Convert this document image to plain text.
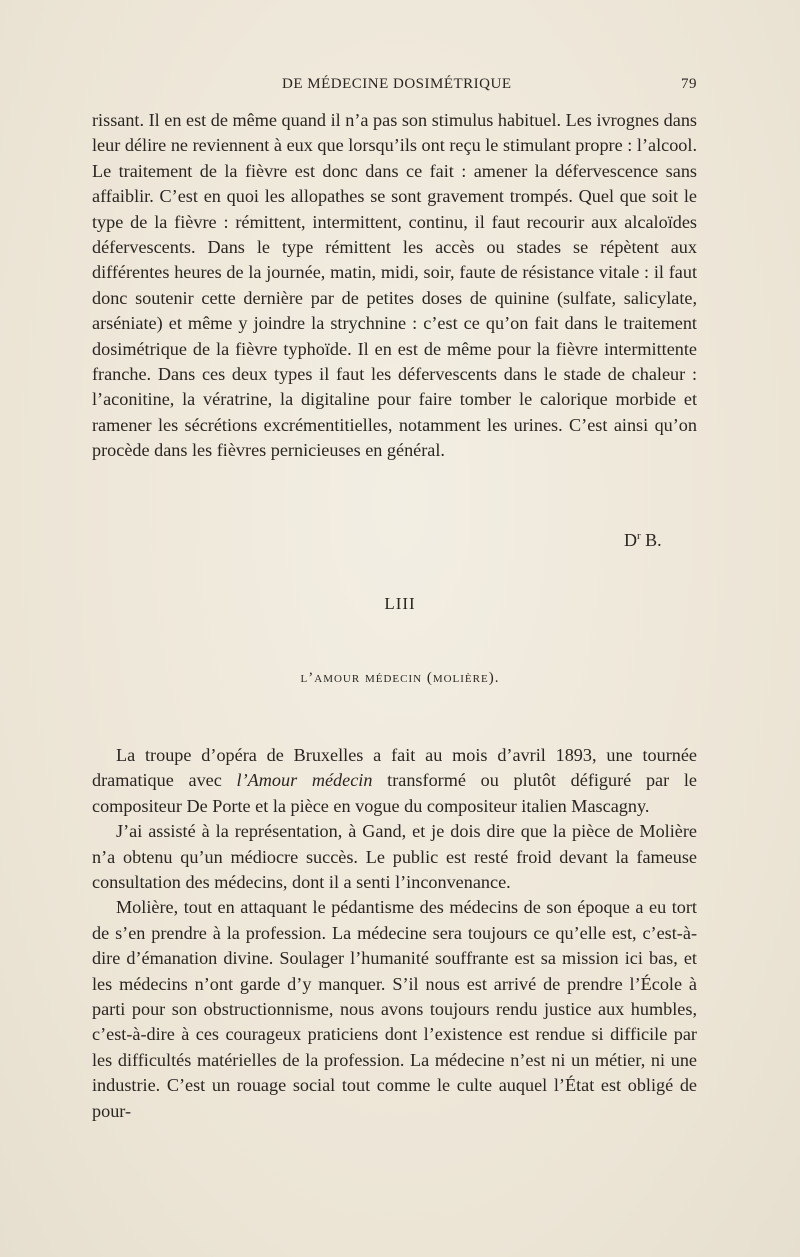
DE MÉDECINE DOSIMÉTRIQUE	79

rissant. Il en est de même quand il n’a pas son stimulus habituel. Les ivrognes dans leur délire ne reviennent à eux que lorsqu’ils ont reçu le stimulant propre : l’alcool. Le traitement de la fièvre est donc dans ce fait : amener la défervescence sans affaiblir. C’est en quoi les allopathes se sont gravement trompés. Quel que soit le type de la fièvre : rémittent, intermittent, continu, il faut recourir aux alcaloïdes défervescents. Dans le type rémittent les accès ou stades se répètent aux différentes heures de la journée, matin, midi, soir, faute de résistance vitale : il faut donc soutenir cette dernière par de petites doses de quinine (sulfate, salicylate, arséniate) et même y joindre la strychnine : c’est ce qu’on fait dans le traitement dosimétrique de la fièvre typhoïde. Il en est de même pour la fièvre intermittente franche. Dans ces deux types il faut les défervescents dans le stade de chaleur : l’aconitine, la vératrine, la digitaline pour faire tomber le calorique morbide et ramener les sécrétions excrémentitielles, notamment les urines. C’est ainsi qu’on procède dans les fièvres pernicieuses en général.

$D^r$ B.
LIII
l’amour médecin (molière).

La troupe d’opéra de Bruxelles a fait au mois d’avril 1893, une tournée dramatique avec l’Amour médecin transformé ou plutôt défiguré par le compositeur De Porte et la pièce en vogue du compositeur italien Mascagny.

J’ai assisté à la représentation, à Gand, et je dois dire que la pièce de Molière n’a obtenu qu’un médiocre succès. Le public est resté froid devant la fameuse consultation des médecins, dont il a senti l’inconvenance.

Molière, tout en attaquant le pédantisme des médecins de son époque a eu tort de s’en prendre à la profession. La médecine sera toujours ce qu’elle est, c’est-à-dire d’émanation divine. Soulager l’humanité souffrante est sa mission ici bas, et les médecins n’ont garde d’y manquer. S’il nous est arrivé de prendre l’École à parti pour son obstructionnisme, nous avons toujours rendu justice aux humbles, c’est-à-dire à ces courageux praticiens dont l’existence est rendue si difficile par les difficultés matérielles de la profession. La médecine n’est ni un métier, ni une industrie. C’est un rouage social tout comme le culte auquel l’État est obligé de pour-
